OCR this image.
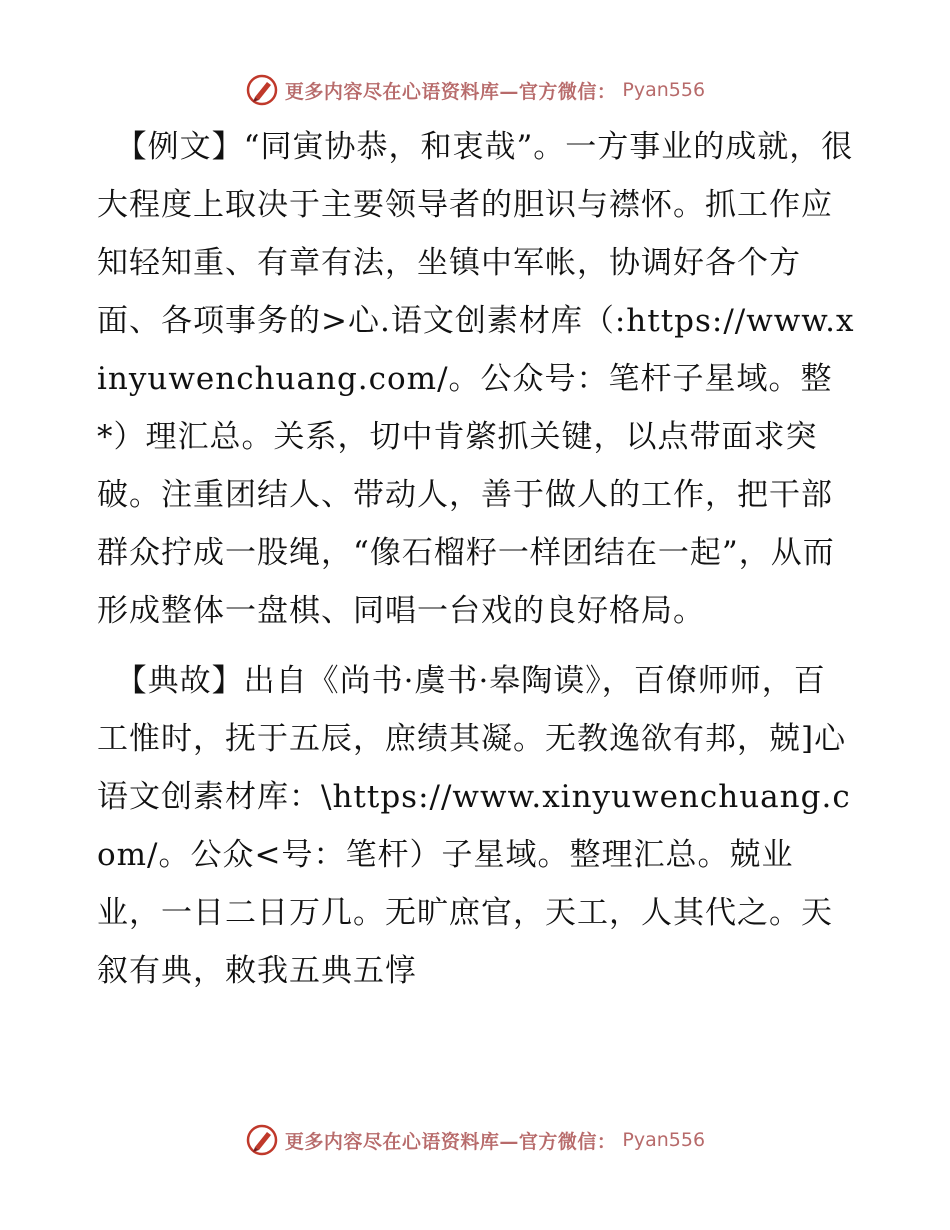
更多内容尽在心语资料库—官方微信： Pyan556

【例文】“同寅协恭，和衷哉”。一方事业的成就，很大程度上取决于主要领导者的胆识与襟怀。抓工作应知轻知重、有章有法，坐镇中军帐，协调好各个方面、各项事务的>心.语文创素材库（:https://www.xinyuwenchuang.com/。公众号：笔杆子星域。整*）理汇总。关系，切中肯綮抓关键，以点带面求突破。注重团结人、带动人，善于做人的工作，把干部群众拧成一股绳，“像石榴籽一样团结在一起”，从而形成整体一盘棋、同唱一台戏的良好格局。

【典故】出自《尚书·虞书·皋陶谟》，百僚师师，百工惟时，抚于五辰，庶绩其凝。无教逸欲有邦，兢]心语文创素材库：\https://www.xinyuwenchuang.com/。公众<号：笔杆）子星域。整理汇总。兢业业，一日二日万几。无旷庶官，天工，人其代之。天叙有典，敕我五典五惇

更多内容尽在心语资料库—官方微信： Pyan556
